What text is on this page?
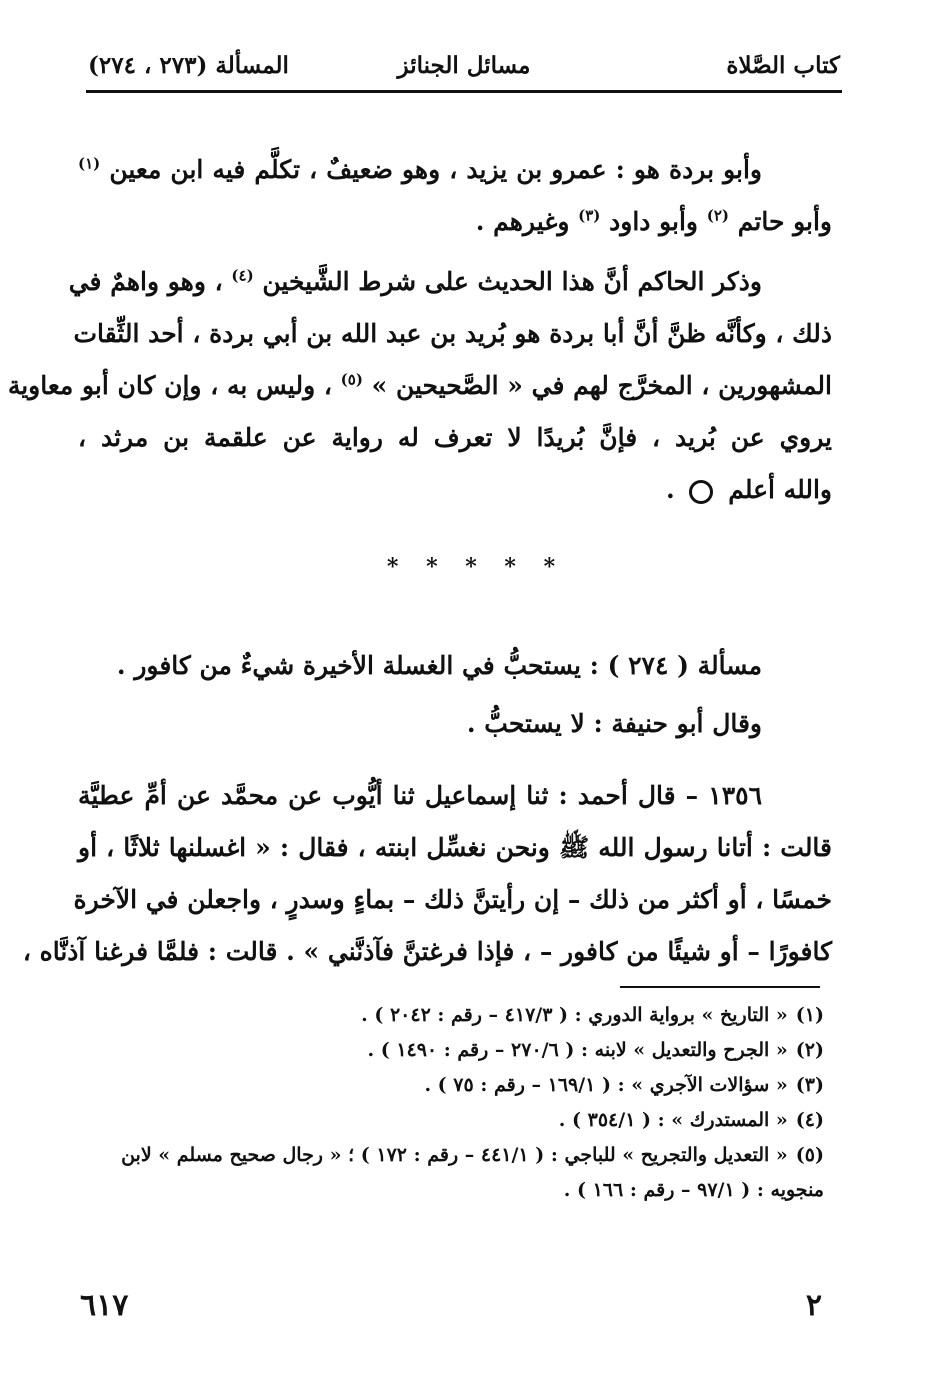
كتاب الصَّلاة
مسائل الجنائز
المسألة (٢٧٣ ، ٢٧٤)
وأبو بردة هو : عمرو بن يزيد ، وهو ضعيفٌ ، تكلَّم فيه ابن معين $^{(١)}$
وأبو حاتم $^{(٢)}$ وأبو داود $^{(٣)}$ وغيرهم .
وذكر الحاكم أنَّ هذا الحديث على شرط الشَّيخين $^{(٤)}$ ، وهو واهمٌ في
ذلك ، وكأنَّه ظنَّ أنَّ أبا بردة هو بُريد بن عبد الله بن أبي بردة ، أحد الثِّقات
المشهورين ، المخرَّج لهم في « الصَّحيحين » $^{(٥)}$ ، وليس به ، وإن كان أبو معاوية
يروي عن بُريد ، فإنَّ بُريدًا لا تعرف له رواية عن علقمة بن مرثد ،
والله أعلم  .
* * * * *
مسألة ( ٢٧٤ ) : يستحبُّ في الغسلة الأخيرة شيءٌ من كافور .
وقال أبو حنيفة : لا يستحبُّ .
١٣٥٦ – قال أحمد : ثنا إسماعيل ثنا أيُّوب عن محمَّد عن أمِّ عطيَّة
قالت : أتانا رسول الله ﷺ ونحن نغسِّل ابنته ، فقال : « اغسلنها ثلاثًا ، أو
خمسًا ، أو أكثر من ذلك – إن رأيتنَّ ذلك – بماءٍ وسدرٍ ، واجعلن في الآخرة
كافورًا – أو شيئًا من كافور – ، فإذا فرغتنَّ فآذنَّني » . قالت : فلمَّا فرغنا آذنَّاه ،
(١)« التاريخ » برواية الدوري : ( ٤١٧/٣ – رقم : ٢٠٤٢ ) .
(٢)« الجرح والتعديل » لابنه : ( ٢٧٠/٦ – رقم : ١٤٩٠ ) .
(٣)« سؤالات الآجري » : ( ١٦٩/١ – رقم : ٧٥ ) .
(٤)« المستدرك » : ( ٣٥٤/١ ) .
(٥)« التعديل والتجريح » للباجي : ( ٤٤١/١ – رقم : ١٧٢ ) ؛ « رجال صحيح مسلم » لابن
منجويه : ( ٩٧/١ – رقم : ١٦٦ ) .
٦١٧	٢
